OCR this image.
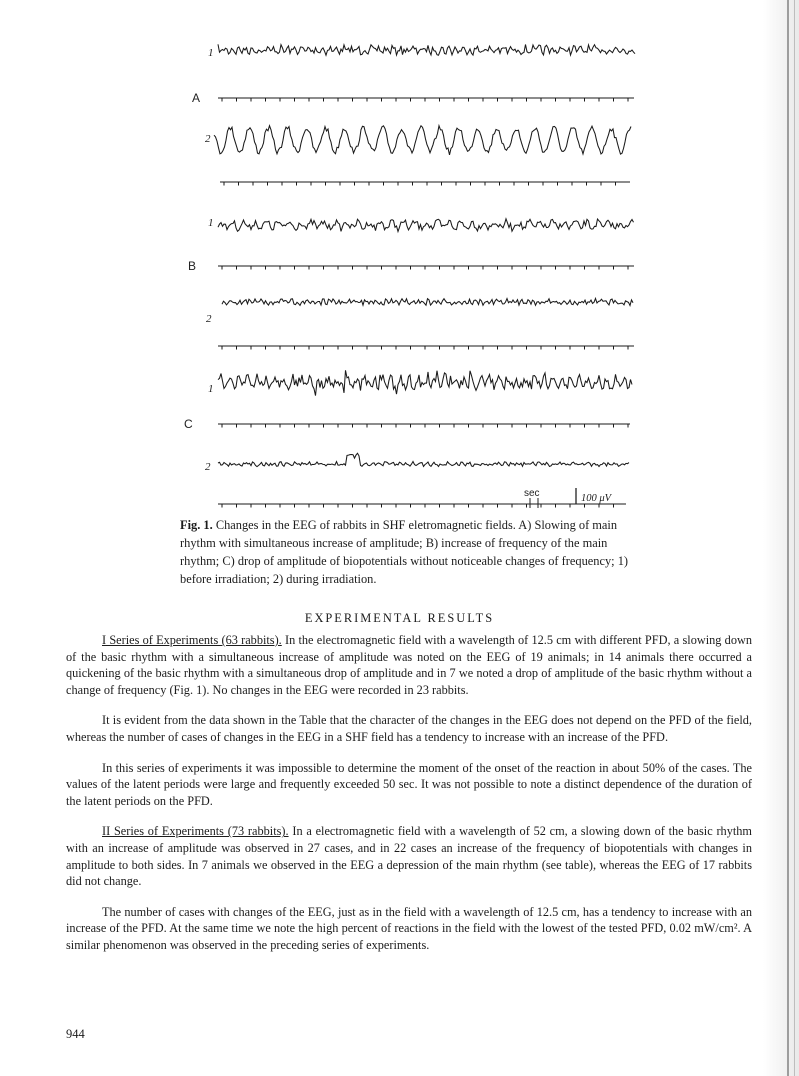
A
B
C
1
2
1
2
1
2
sec	100 μV
Fig. 1. Changes in the EEG of rabbits in SHF eletromagnetic fields. A) Slowing of main rhythm with simultaneous increase of amplitude; B) increase of frequency of the main rhythm; C) drop of amplitude of biopotentials without noticeable changes of frequency; 1) before irradiation; 2) during irradiation.
EXPERIMENTAL RESULTS

I Series of Experiments (63 rabbits). In the electromagnetic field with a wavelength of 12.5 cm with different PFD, a slowing down of the basic rhythm with a simultaneous increase of amplitude was noted on the EEG of 19 animals; in 14 animals there occurred a quickening of the basic rhythm with a simultaneous drop of amplitude and in 7 we noted a drop of amplitude of the basic rhythm without a change of frequency (Fig. 1). No changes in the EEG were recorded in 23 rabbits.

It is evident from the data shown in the Table that the character of the changes in the EEG does not depend on the PFD of the field, whereas the number of cases of changes in the EEG in a SHF field has a tendency to increase with an increase of the PFD.

In this series of experiments it was impossible to determine the moment of the onset of the reaction in about 50% of the cases. The values of the latent periods were large and frequently exceeded 50 sec. It was not possible to note a distinct dependence of the duration of the latent periods on the PFD.

II Series of Experiments (73 rabbits). In a electromagnetic field with a wavelength of 52 cm, a slowing down of the basic rhythm with an increase of amplitude was observed in 27 cases, and in 22 cases an increase of the frequency of biopotentials with changes in amplitude to both sides. In 7 animals we observed in the EEG a depression of the main rhythm (see table), whereas the EEG of 17 rabbits did not change.

The number of cases with changes of the EEG, just as in the field with a wavelength of 12.5 cm, has a tendency to increase with an increase of the PFD. At the same time we note the high percent of reactions in the field with the lowest of the tested PFD, 0.02 mW/cm². A similar phenomenon was observed in the preceding series of experiments.

944
